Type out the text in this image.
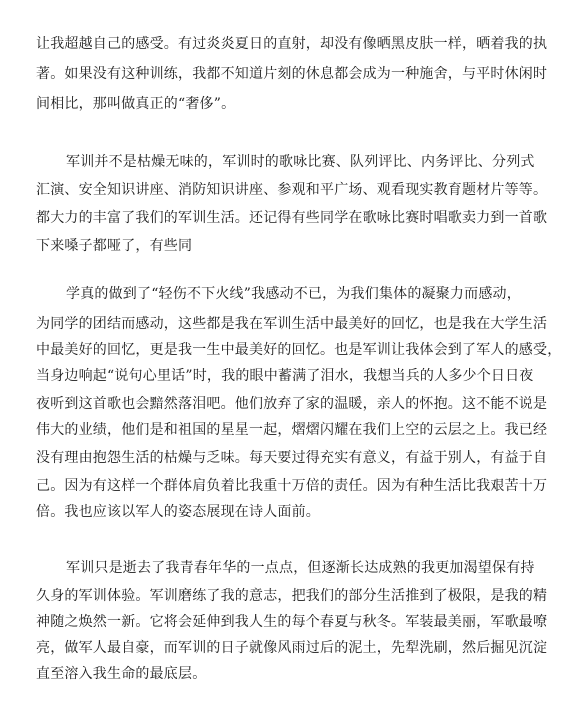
让我超越自己的感受。有过炎炎夏日的直射，却没有像晒黑皮肤一样，晒着我的执
著。如果没有这种训练，我都不知道片刻的休息都会成为一种施舍，与平时休闲时
间相比，那叫做真正的“奢侈”。
军训并不是枯燥无味的，军训时的歌咏比赛、队列评比、内务评比、分列式
汇演、安全知识讲座、消防知识讲座、参观和平广场、观看现实教育题材片等等。
都大力的丰富了我们的军训生活。还记得有些同学在歌咏比赛时唱歌卖力到一首歌
下来嗓子都哑了，有些同
学真的做到了“轻伤不下火线”我感动不已，为我们集体的凝聚力而感动，
为同学的团结而感动，这些都是我在军训生活中最美好的回忆，也是我在大学生活
中最美好的回忆，更是我一生中最美好的回忆。也是军训让我体会到了军人的感受，
当身边响起“说句心里话”时，我的眼中蓄满了泪水，我想当兵的人多少个日日夜
夜听到这首歌也会黯然落泪吧。他们放弃了家的温暖，亲人的怀抱。这不能不说是
伟大的业绩，他们是和祖国的星星一起，熠熠闪耀在我们上空的云层之上。我已经
没有理由抱怨生活的枯燥与乏味。每天要过得充实有意义，有益于别人，有益于自
己。因为有这样一个群体肩负着比我重十万倍的责任。因为有种生活比我艰苦十万
倍。我也应该以军人的姿态展现在诗人面前。
军训只是逝去了我青春年华的一点点，但逐渐长达成熟的我更加渴望保有持
久身的军训体验。军训磨练了我的意志，把我们的部分生活推到了极限，是我的精
神随之焕然一新。它将会延伸到我人生的每个春夏与秋冬。军装最美丽，军歌最嘹
亮，做军人最自豪，而军训的日子就像风雨过后的泥土，先犁洗刷，然后掘见沉淀
直至溶入我生命的最底层。
